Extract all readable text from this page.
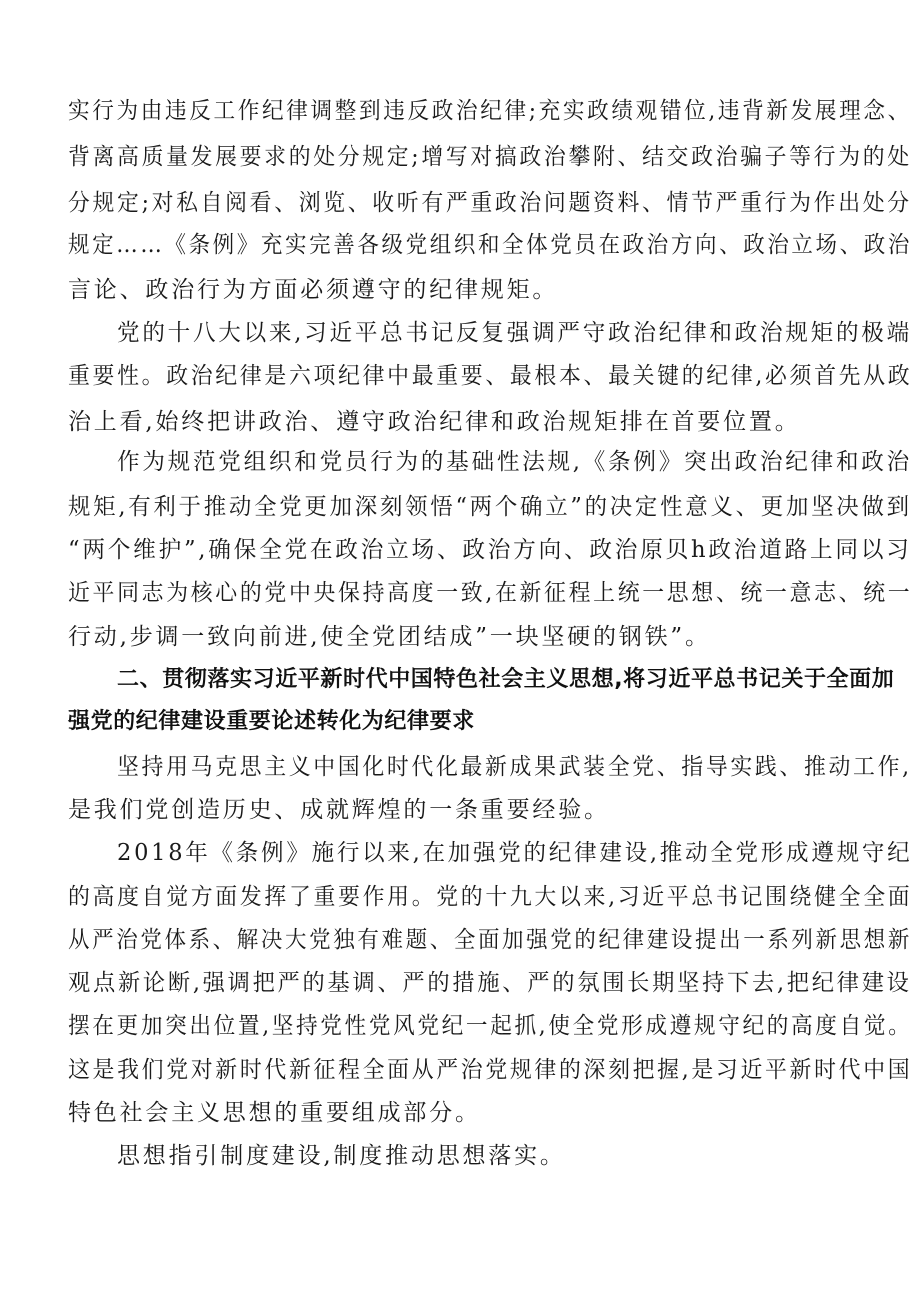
实行为由违反工作纪律调整到违反政治纪律;充实政绩观错位,违背新发展理念、
背离高质量发展要求的处分规定;增写对搞政治攀附、结交政治骗子等行为的处
分规定;对私自阅看、浏览、收听有严重政治问题资料、情节严重行为作出处分
规定……《条例》充实完善各级党组织和全体党员在政治方向、政治立场、政治
言论、政治行为方面必须遵守的纪律规矩。
党的十八大以来,习近平总书记反复强调严守政治纪律和政治规矩的极端
重要性。政治纪律是六项纪律中最重要、最根本、最关键的纪律,必须首先从政
治上看,始终把讲政治、遵守政治纪律和政治规矩排在首要位置。
作为规范党组织和党员行为的基础性法规,《条例》突出政治纪律和政治
规矩,有利于推动全党更加深刻领悟“两个确立”的决定性意义、更加坚决做到
“两个维护”,确保全党在政治立场、政治方向、政治原贝h政治道路上同以习
近平同志为核心的党中央保持高度一致,在新征程上统一思想、统一意志、统一
行动,步调一致向前进,使全党团结成”一块坚硬的钢铁”。
二、贯彻落实习近平新时代中国特色社会主义思想,将习近平总书记关于全面加
强党的纪律建设重要论述转化为纪律要求
坚持用马克思主义中国化时代化最新成果武装全党、指导实践、推动工作,
是我们党创造历史、成就辉煌的一条重要经验。
2018年《条例》施行以来,在加强党的纪律建设,推动全党形成遵规守纪
的高度自觉方面发挥了重要作用。党的十九大以来,习近平总书记围绕健全全面
从严治党体系、解决大党独有难题、全面加强党的纪律建设提出一系列新思想新
观点新论断,强调把严的基调、严的措施、严的氛围长期坚持下去,把纪律建设
摆在更加突出位置,坚持党性党风党纪一起抓,使全党形成遵规守纪的高度自觉。
这是我们党对新时代新征程全面从严治党规律的深刻把握,是习近平新时代中国
特色社会主义思想的重要组成部分。
思想指引制度建设,制度推动思想落实。
